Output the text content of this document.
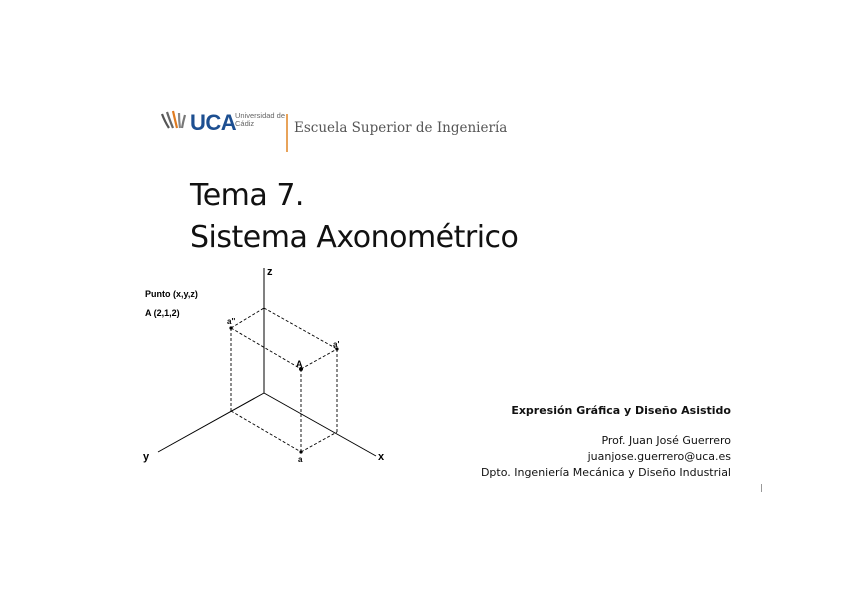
UCA
Universidad de Cádiz	Escuela Superior de Ingeniería
Tema 7.
Sistema Axonométrico
Punto (x,y,z)
A (2,1,2)
z
x
y
A
a
a'
a''
Expresión Gráfica y Diseño Asistido
Prof. Juan José Guerrero
juanjose.guerrero@uca.es
Dpto. Ingeniería Mecánica y Diseño Industrial
